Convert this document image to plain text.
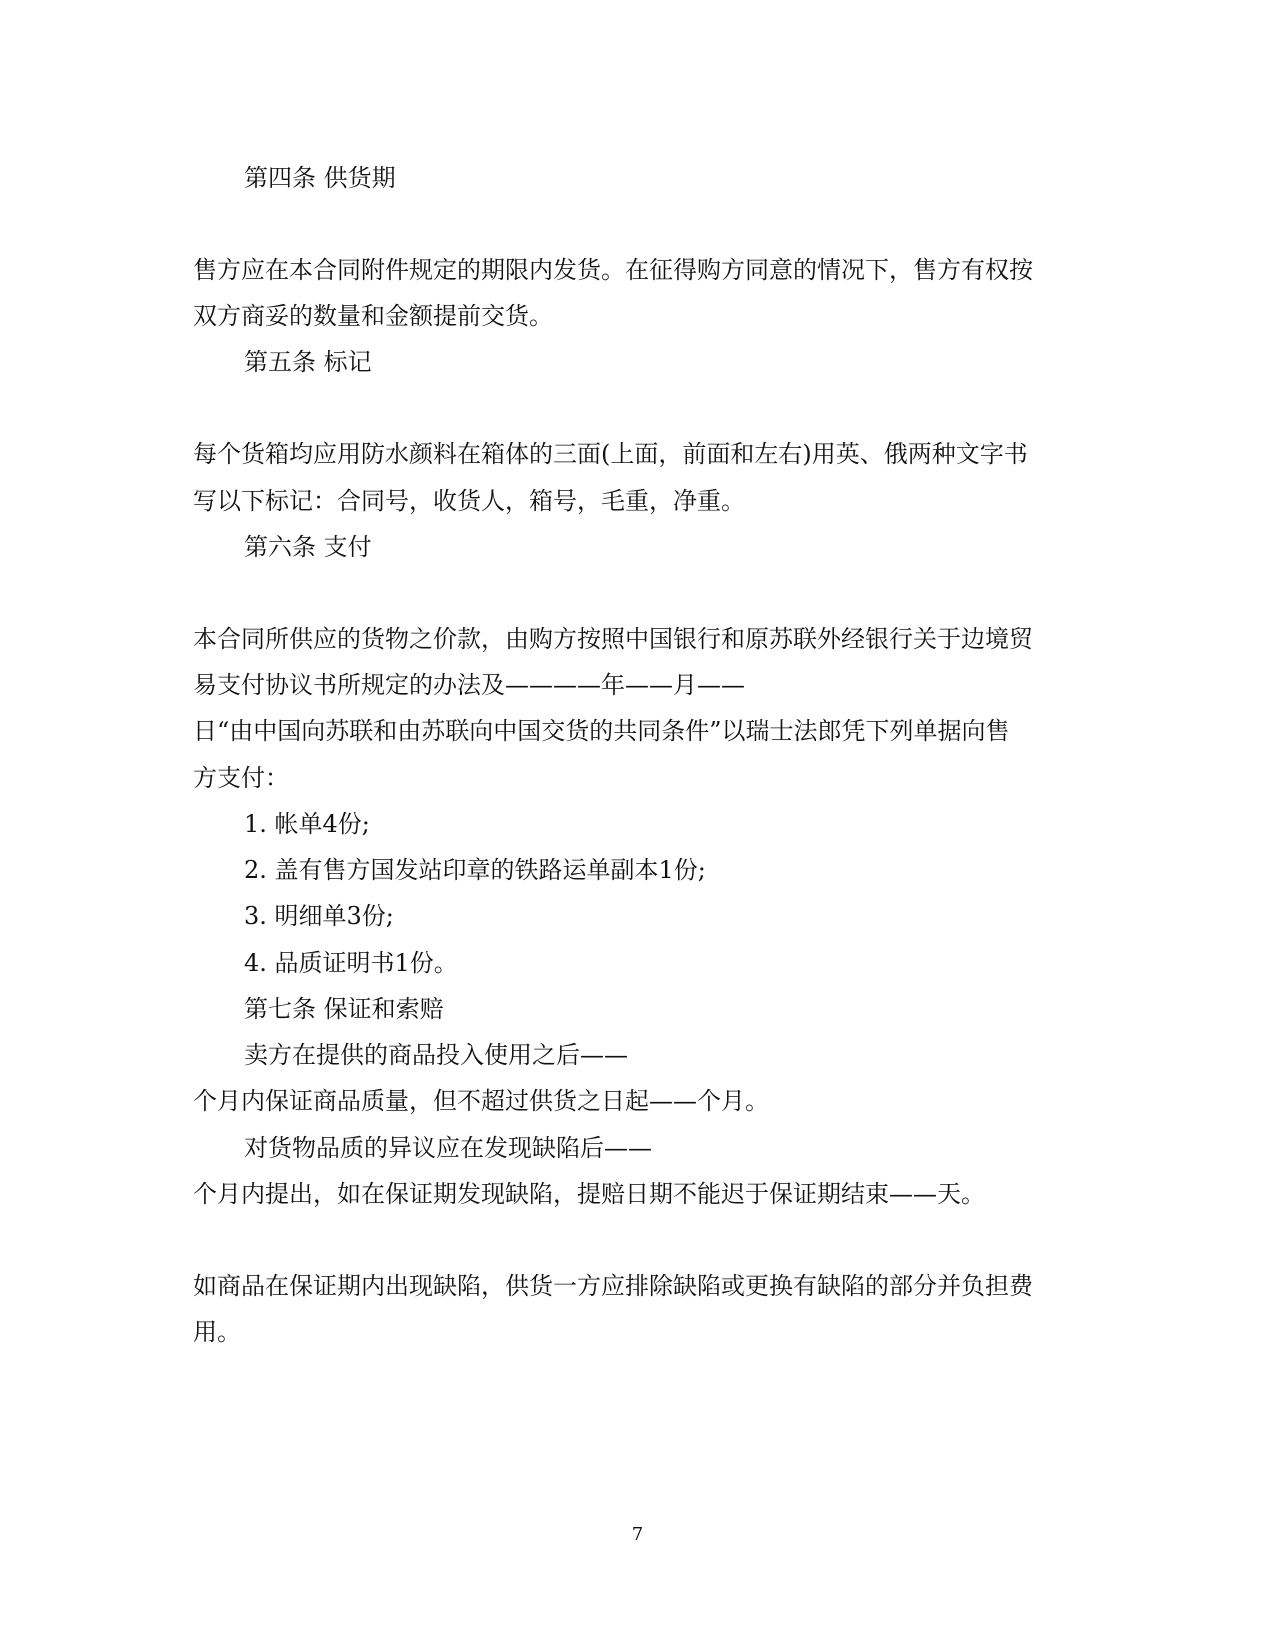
第四条 供货期

售方应在本合同附件规定的期限内发货。在征得购方同意的情况下，售方有权按

双方商妥的数量和金额提前交货。

第五条 标记

每个货箱均应用防水颜料在箱体的三面(上面，前面和左右)用英、俄两种文字书

写以下标记：合同号，收货人，箱号，毛重，净重。

第六条 支付

本合同所供应的货物之价款，由购方按照中国银行和原苏联外经银行关于边境贸

易支付协议书所规定的办法及————年——月——

日“由中国向苏联和由苏联向中国交货的共同条件”以瑞士法郎凭下列单据向售

方支付：

1. 帐单4份;

2. 盖有售方国发站印章的铁路运单副本1份;

3. 明细单3份;

4. 品质证明书1份。

第七条 保证和索赔

卖方在提供的商品投入使用之后——

个月内保证商品质量，但不超过供货之日起——个月。

对货物品质的异议应在发现缺陷后——

个月内提出，如在保证期发现缺陷，提赔日期不能迟于保证期结束——天。

如商品在保证期内出现缺陷，供货一方应排除缺陷或更换有缺陷的部分并负担费

用。

7
